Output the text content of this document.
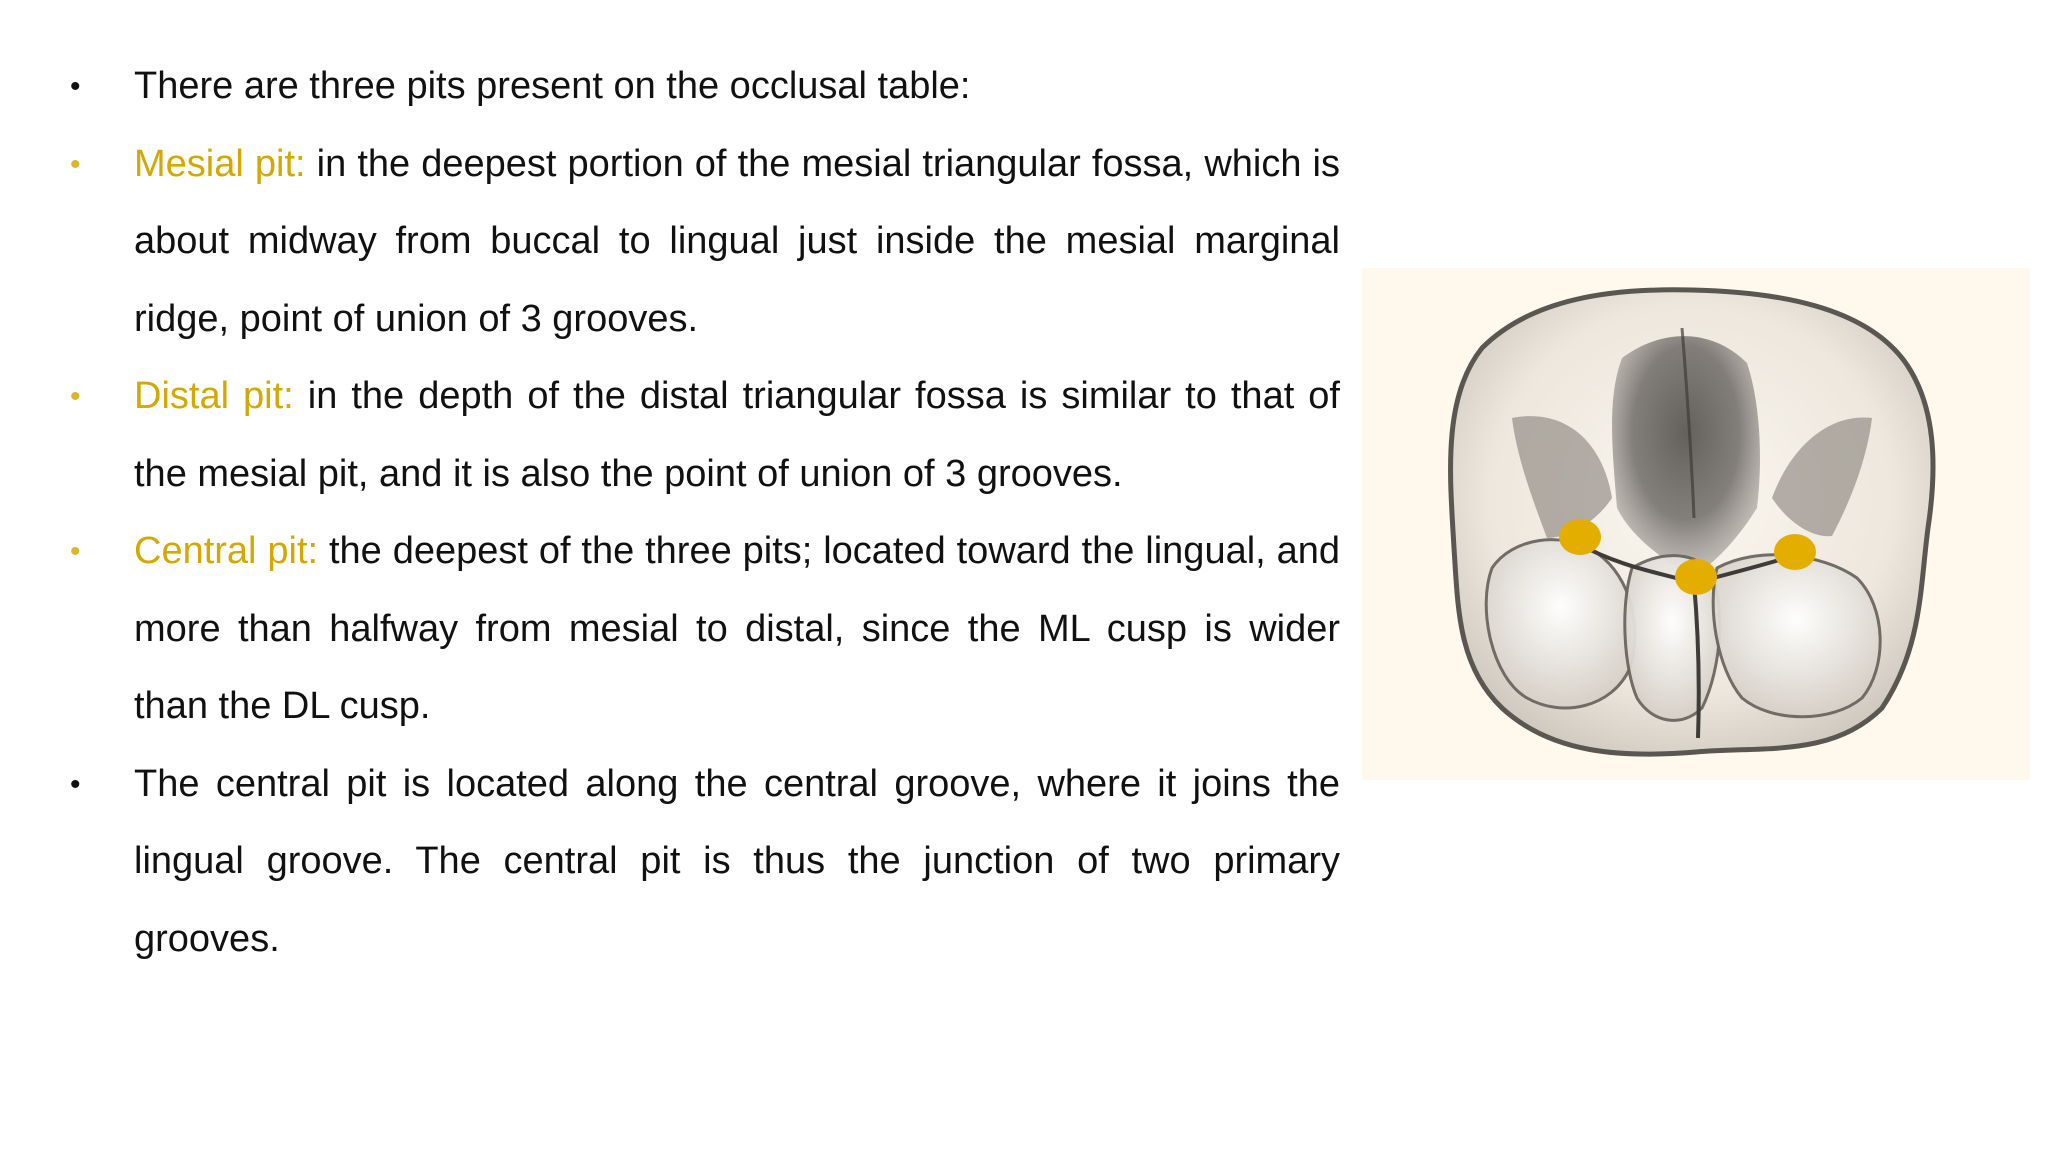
•	There are three pits present on the occlusal table:
•	Mesial pit: in the deepest portion of the mesial triangular fossa, which is about midway from buccal to lingual just inside the mesial marginal ridge, point of union of 3 grooves.
•	Distal pit: in the depth of the distal triangular fossa is similar to that of the mesial pit, and it is also the point of union of 3 grooves.
•	Central pit: the deepest of the three pits; located toward the lingual, and more than halfway from mesial to distal, since the ML cusp is wider than the DL cusp.
•	The central pit is located along the central groove, where it joins the lingual groove. The central pit is thus the junction of two primary grooves.
